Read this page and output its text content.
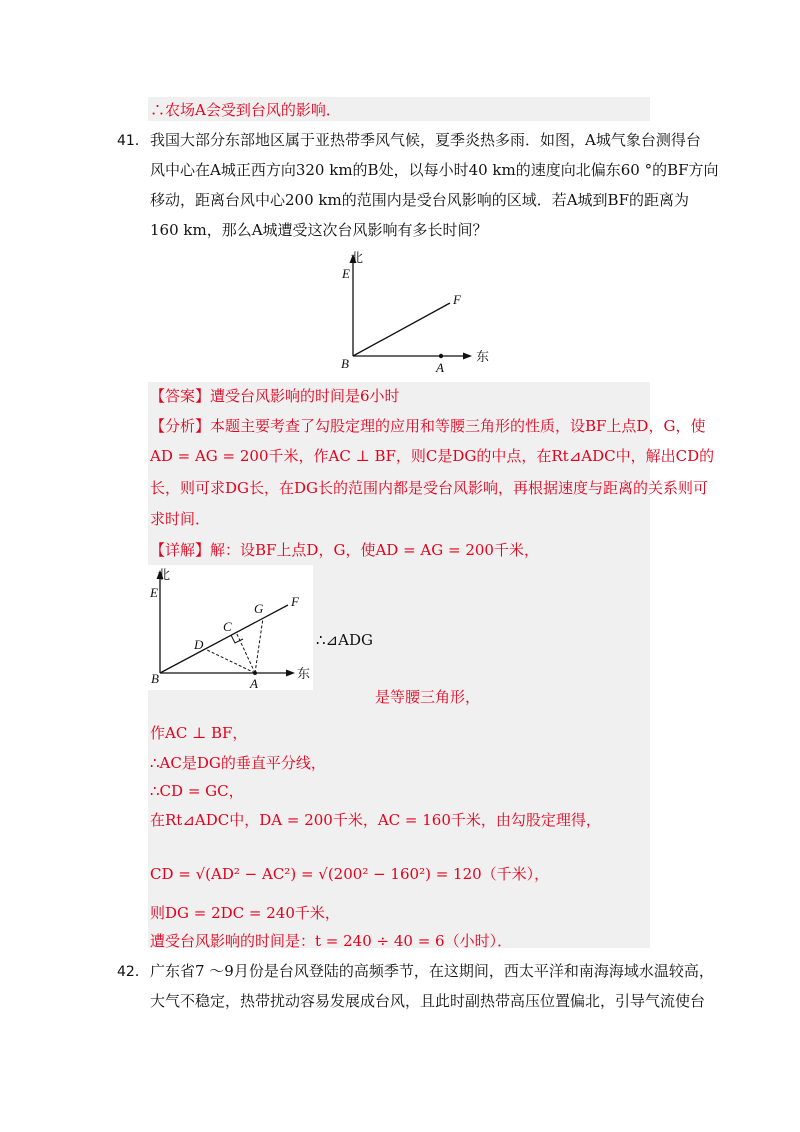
∴农场A会受到台风的影响．
41． 我国大部分东部地区属于亚热带季风气候，夏季炎热多雨．如图，A城气象台测得台
风中心在A城正西方向320 km的B处，以每小时40 km的速度向北偏东60 °的BF方向
移动，距离台风中心200 km的范围内是受台风影响的区域．若A城到BF的距离为
160 km，那么A城遭受这次台风影响有多长时间？
北
E
F
B	A
东
【答案】遭受台风影响的时间是6小时
【分析】本题主要考查了勾股定理的应用和等腰三角形的性质，设BF上点D，G，使
AD = AG = 200千米，作AC ⊥ BF，则C是DG的中点，在Rt⊿ADC中，解出CD的
长，则可求DG长，在DG长的范围内都是受台风影响，再根据速度与距离的关系则可
求时间．
【详解】解：设BF上点D，G，使AD = AG = 200千米，
北
E
F
G
C
D
B	A
东
∴⊿ADG
是等腰三角形，
作AC ⊥ BF，
∴AC是DG的垂直平分线，
∴CD = GC，
在Rt⊿ADC中，DA = 200千米，AC = 160千米，由勾股定理得，
CD = √(AD² − AC²) = √(200² − 160²) = 120（千米），
则DG = 2DC = 240千米，
遭受台风影响的时间是：t = 240 ÷ 40 = 6（小时）．
42． 广东省7 ～9月份是台风登陆的高频季节，在这期间，西太平洋和南海海域水温较高，
大气不稳定，热带扰动容易发展成台风，且此时副热带高压位置偏北，引导气流使台
